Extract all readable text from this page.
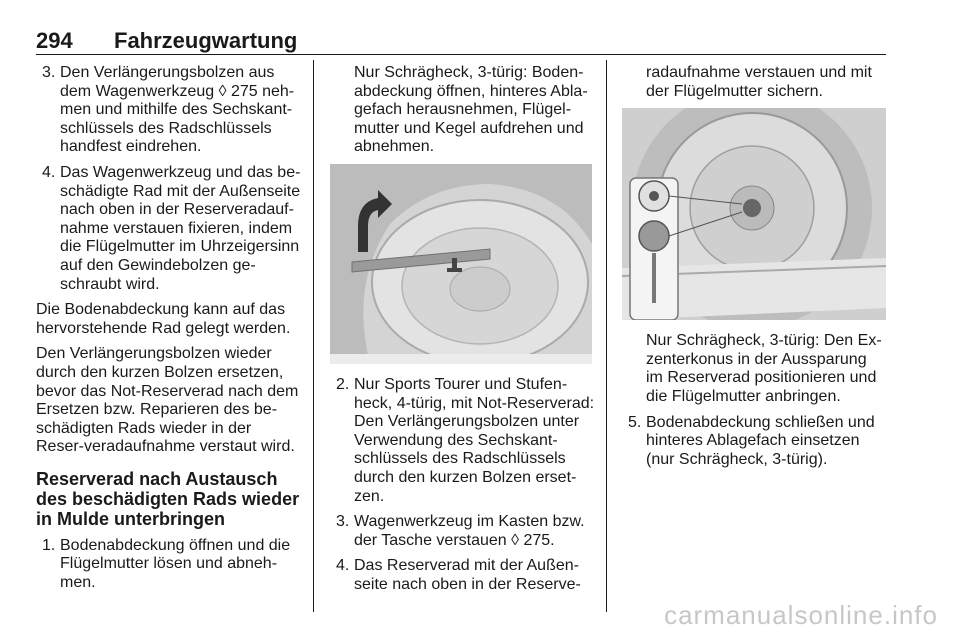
294 Fahrzeugwartung
3. Den Verlängerungsbolzen aus dem Wagenwerkzeug ◊ 275 neh-men und mithilfe des Sechskant-schlüssels des Radschlüssels handfest eindrehen.
4. Das Wagenwerkzeug und das be-schädigte Rad mit der Außenseite nach oben in der Reserveradauf-nahme verstauen fixieren, indem die Flügelmutter im Uhrzeigersinn auf den Gewindebolzen ge-schraubt wird.

Die Bodenabdeckung kann auf das hervorstehende Rad gelegt werden.

Den Verlängerungsbolzen wieder durch den kurzen Bolzen ersetzen, bevor das Not-Reserverad nach dem Ersetzen bzw. Reparieren des be-schädigten Rads wieder in der Reser-veradaufnahme verstaut wird.

Reserverad nach Austausch des beschädigten Rads wieder in Mulde unterbringen
1. Bodenabdeckung öffnen und die Flügelmutter lösen und abneh-men.

Nur Schrägheck, 3-türig: Boden-abdeckung öffnen, hinteres Abla-gefach herausnehmen, Flügel-mutter und Kegel aufdrehen und abnehmen.

2. Nur Sports Tourer und Stufen-heck, 4-türig, mit Not-Reserverad: Den Verlängerungsbolzen unter Verwendung des Sechskant-schlüssels des Radschlüssels durch den kurzen Bolzen erset-zen.
3. Wagenwerkzeug im Kasten bzw. der Tasche verstauen ◊ 275.
4. Das Reserverad mit der Außen-seite nach oben in der Reserve-

radaufnahme verstauen und mit der Flügelmutter sichern.

Nur Schrägheck, 3-türig: Den Ex-zenterkonus in der Aussparung im Reserverad positionieren und die Flügelmutter anbringen.

5. Bodenabdeckung schließen und hinteres Ablagefach einsetzen (nur Schrägheck, 3-türig).
carmanualsonline.info
